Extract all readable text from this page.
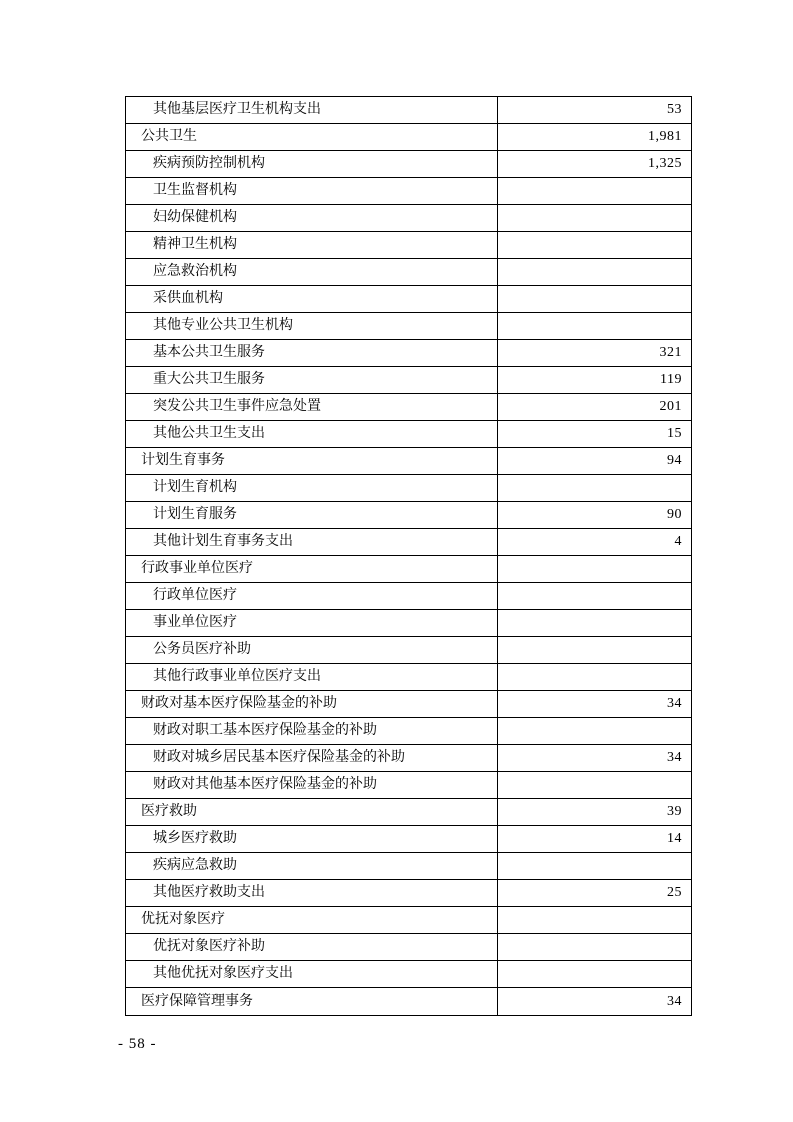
其他基层医疗卫生机构支出	53
公共卫生	1,981
疾病预防控制机构	1,325
卫生监督机构
妇幼保健机构
精神卫生机构
应急救治机构
采供血机构
其他专业公共卫生机构
基本公共卫生服务	321
重大公共卫生服务	119
突发公共卫生事件应急处置	201
其他公共卫生支出	15
计划生育事务	94
计划生育机构
计划生育服务	90
其他计划生育事务支出	4
行政事业单位医疗
行政单位医疗
事业单位医疗
公务员医疗补助
其他行政事业单位医疗支出
财政对基本医疗保险基金的补助	34
财政对职工基本医疗保险基金的补助
财政对城乡居民基本医疗保险基金的补助	34
财政对其他基本医疗保险基金的补助
医疗救助	39
城乡医疗救助	14
疾病应急救助
其他医疗救助支出	25
优抚对象医疗
优抚对象医疗补助
其他优抚对象医疗支出
医疗保障管理事务	34
- 58 -
